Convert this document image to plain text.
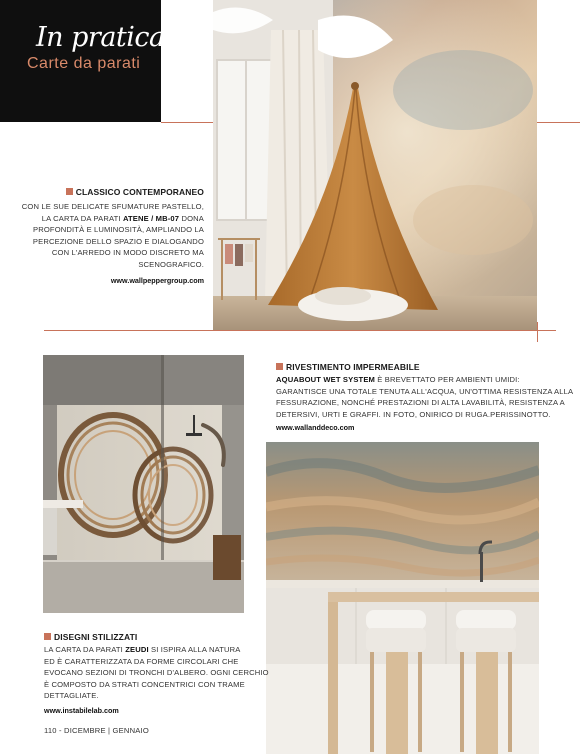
In pratica
Carte da parati
CLASSICO CONTEMPORANEO
CON LE SUE DELICATE SFUMATURE PASTELLO,
LA CARTA DA PARATI ATENE / MB-07 DONA
PROFONDITÀ E LUMINOSITÀ, AMPLIANDO LA
PERCEZIONE DELLO SPAZIO E DIALOGANDO
CON L'ARREDO IN MODO DISCRETO MA
SCENOGRAFICO.
www.wallpeppergroup.com
RIVESTIMENTO IMPERMEABILE
AQUABOUT WET SYSTEM È BREVETTATO PER AMBIENTI UMIDI:
GARANTISCE UNA TOTALE TENUTA ALL'ACQUA, UN'OTTIMA RESISTENZA ALLA
FESSURAZIONE, NONCHÉ PRESTAZIONI DI ALTA LAVABILITÀ, RESISTENZA A
DETERSIVI, URTI E GRAFFI. IN FOTO, ONIRICO DI RUGA.PERISSINOTTO.
www.wallanddeco.com
DISEGNI STILIZZATI
LA CARTA DA PARATI ZEUDI SI ISPIRA ALLA NATURA
ED È CARATTERIZZATA DA FORME CIRCOLARI CHE
EVOCANO SEZIONI DI TRONCHI D'ALBERO. OGNI CERCHIO
È COMPOSTO DA STRATI CONCENTRICI CON TRAME
DETTAGLIATE.
www.instabilelab.com
110 - DICEMBRE | GENNAIO
